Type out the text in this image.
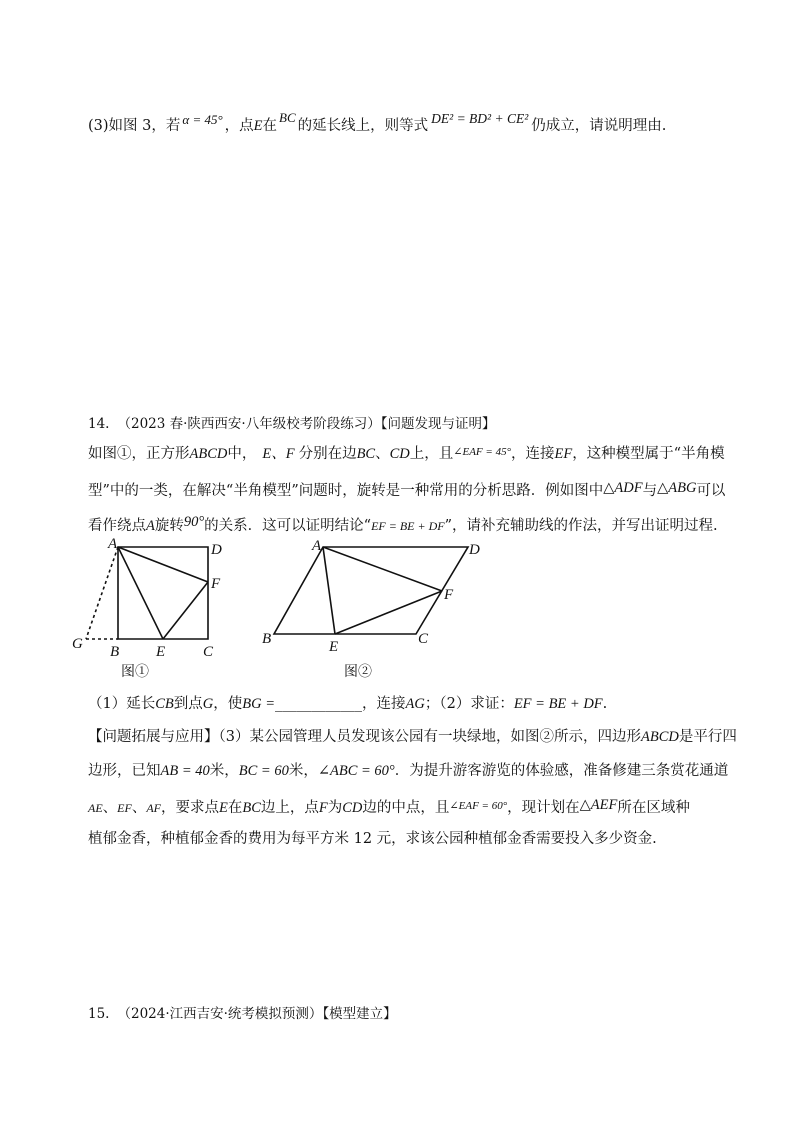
(3)如图 3，若 α = 45° ，点E在BC的延长线上，则等式 DE² = BD² + CE² 仍成立，请说明理由.
14. （2023 春·陕西西安·八年级校考阶段练习）【问题发现与证明】
如图①，正方形ABCD中， E、F 分别在边BC、CD上，且$^{\angle EAF = 45^\circ}$，连接EF，这种模型属于“半角模
型”中的一类，在解决“半角模型”问题时，旋转是一种常用的分析思路．例如图中△ADF与△ABG可以
看作绕点A旋转90°的关系．这可以证明结论“EF = BE + DF”，请补充辅助线的作法，并写出证明过程.
A	D
F
G B E	C
图①
A	D
F
B	E	C
图②
（1）延长CB到点G，使BG =____________，连接AG；（2）求证：EF = BE + DF.
【问题拓展与应用】（3）某公园管理人员发现该公园有一块绿地，如图②所示，四边形ABCD是平行四
边形，已知AB = 40米，BC = 60米，∠ABC = 60°．为提升游客游览的体验感，准备修建三条赏花通道
AE、EF、AF，要求点E在BC边上，点F为CD边的中点，且$^{\angle EAF = 60^\circ}$，现计划在△AEF所在区域种
植郁金香，种植郁金香的费用为每平方米 12 元，求该公园种植郁金香需要投入多少资金.
15. （2024·江西吉安·统考模拟预测）【模型建立】
